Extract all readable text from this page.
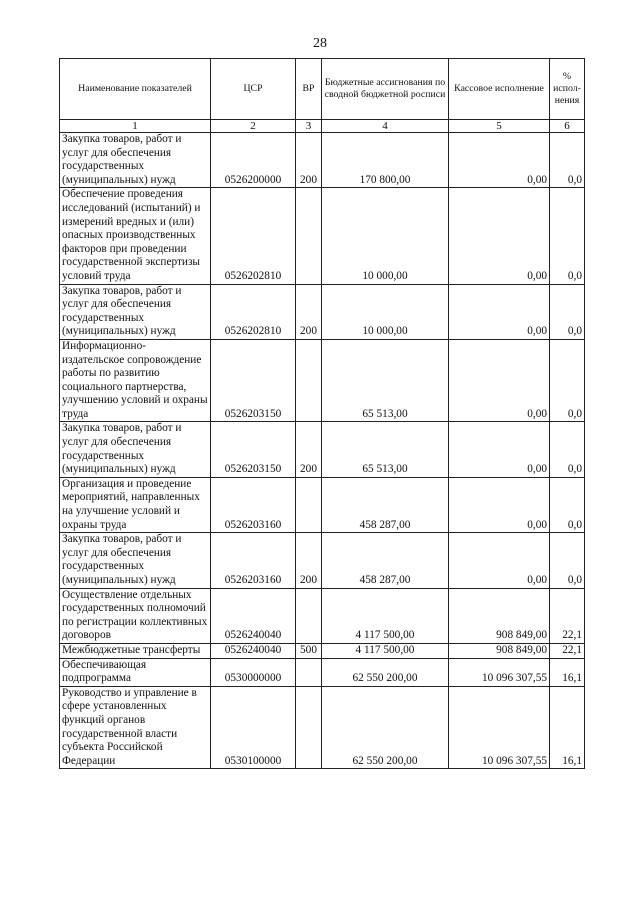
28
Наименование показателей	ЦСР	ВР	Бюджетные ассигнования по сводной бюджетной росписи	Кассовое исполнение	% испол-нения
1	2	3	4	5	6
Закупка товаров, работ и услуг для обеспечения государственных (муниципальных) нужд	0526200000	200	170 800,00	0,00	0,0
Обеспечение проведения исследований (испытаний) и измерений вредных и (или) опасных производственных факторов при проведении государственной экспертизы условий труда	0526202810		10 000,00	0,00	0,0
Закупка товаров, работ и услуг для обеспечения государственных (муниципальных) нужд	0526202810	200	10 000,00	0,00	0,0
Информационно-издательское сопровождение работы по развитию социального партнерства, улучшению условий и охраны труда	0526203150		65 513,00	0,00	0,0
Закупка товаров, работ и услуг для обеспечения государственных (муниципальных) нужд	0526203150	200	65 513,00	0,00	0,0
Организация и проведение мероприятий, направленных на улучшение условий и охраны труда	0526203160		458 287,00	0,00	0,0
Закупка товаров, работ и услуг для обеспечения государственных (муниципальных) нужд	0526203160	200	458 287,00	0,00	0,0
Осуществление отдельных государственных полномочий по регистрации коллективных договоров	0526240040		4 117 500,00	908 849,00	22,1
Межбюджетные трансферты	0526240040	500	4 117 500,00	908 849,00	22,1
Обеспечивающая подпрограмма	0530000000		62 550 200,00	10 096 307,55	16,1
Руководство и управление в сфере установленных функций органов государственной власти субъекта Российской Федерации	0530100000		62 550 200,00	10 096 307,55	16,1
